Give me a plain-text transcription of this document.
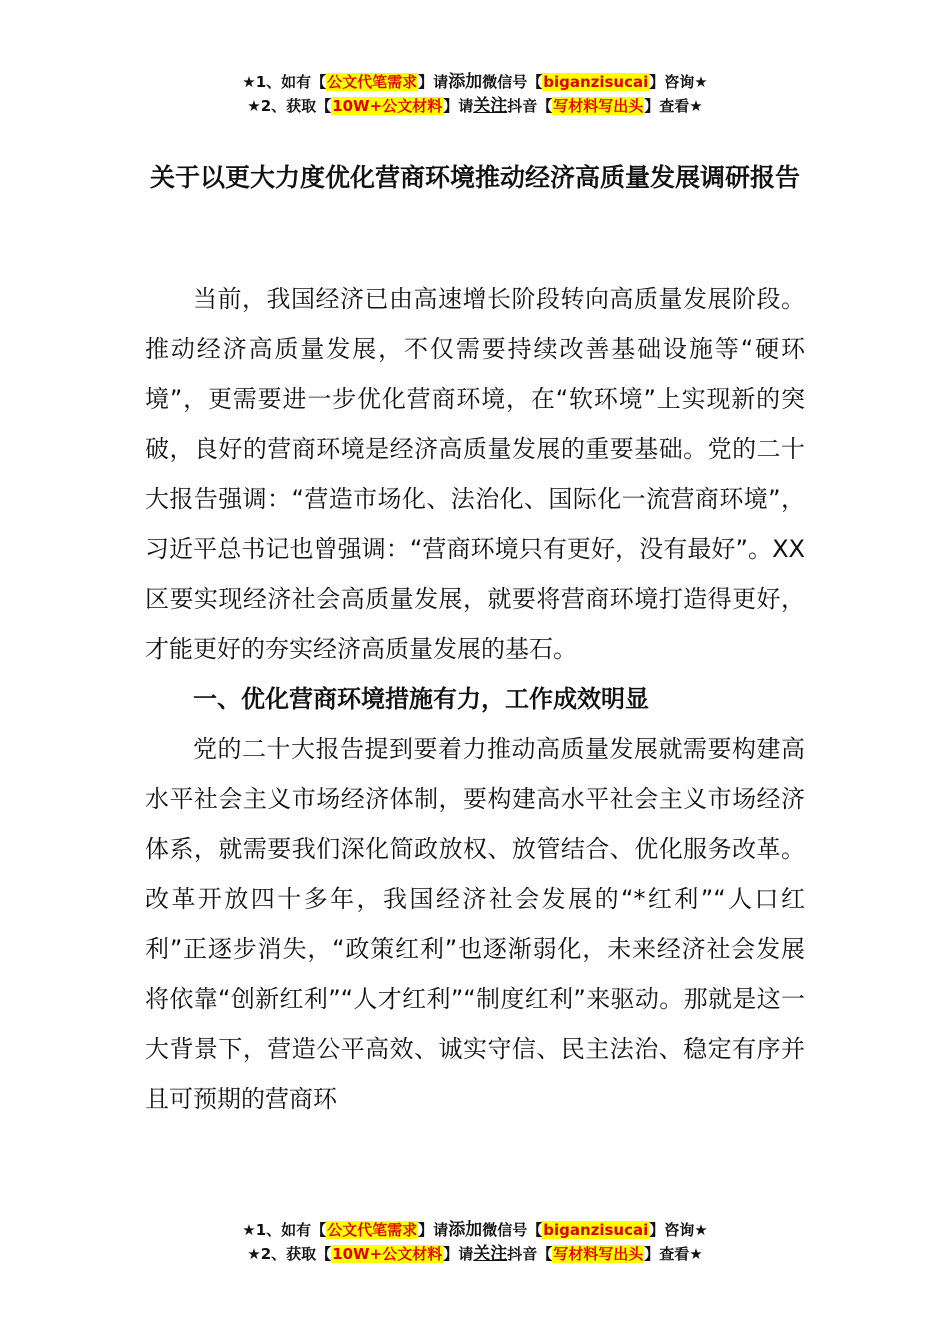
★1、如有【公文代笔需求】请添加微信号【biganzisucai】咨询★
★2、获取【10W+公文材料】请关注抖音【写材料写出头】查看★
关于以更大力度优化营商环境推动经济高质量发展调研报告

当前，我国经济已由高速增长阶段转向高质量发展阶段。推动经济高质量发展，不仅需要持续改善基础设施等“硬环境”，更需要进一步优化营商环境，在“软环境”上实现新的突破，良好的营商环境是经济高质量发展的重要基础。党的二十大报告强调：“营造市场化、法治化、国际化一流营商环境”，习近平总书记也曾强调：“营商环境只有更好，没有最好”。XX区要实现经济社会高质量发展，就要将营商环境打造得更好，才能更好的夯实经济高质量发展的基石。

一、优化营商环境措施有力，工作成效明显

党的二十大报告提到要着力推动高质量发展就需要构建高水平社会主义市场经济体制，要构建高水平社会主义市场经济体系，就需要我们深化简政放权、放管结合、优化服务改革。改革开放四十多年，我国经济社会发展的“*红利”“人口红利”正逐步消失，“政策红利”也逐渐弱化，未来经济社会发展将依靠“创新红利”“人才红利”“制度红利”来驱动。那就是这一大背景下，营造公平高效、诚实守信、民主法治、稳定有序并且可预期的营商环

★1、如有【公文代笔需求】请添加微信号【biganzisucai】咨询★
★2、获取【10W+公文材料】请关注抖音【写材料写出头】查看★
